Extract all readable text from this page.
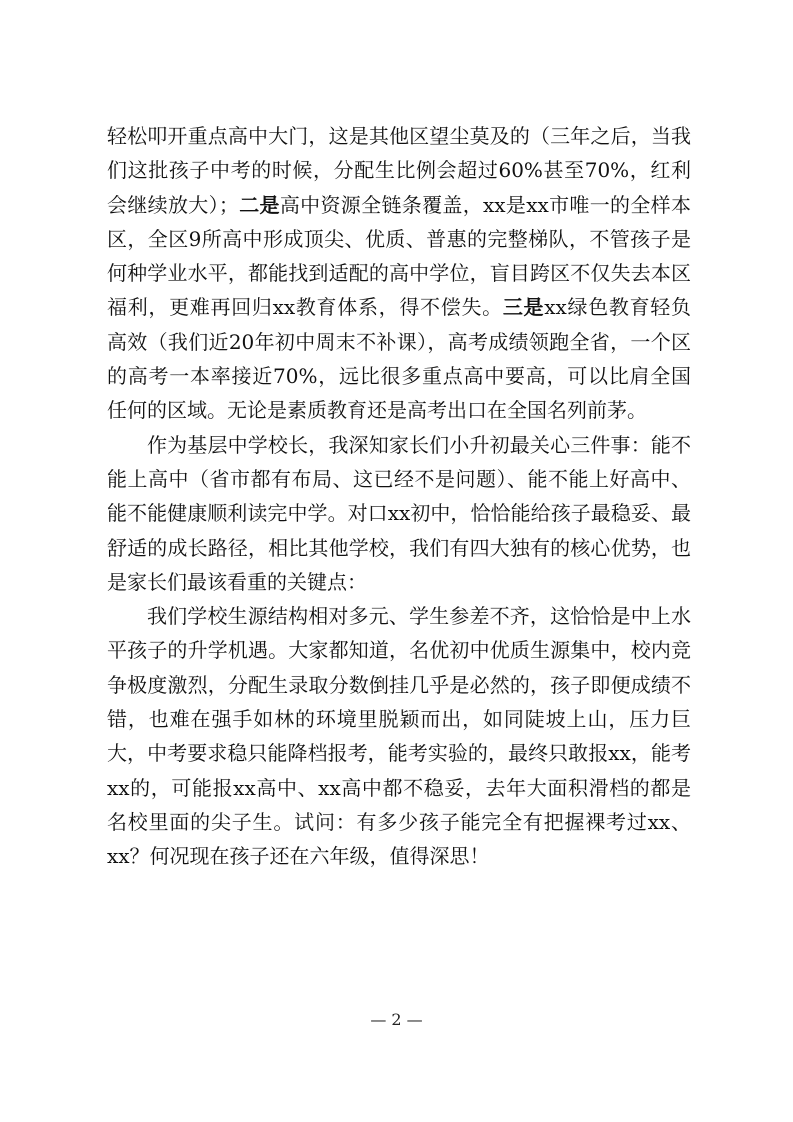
轻松叩开重点高中大门，这是其他区望尘莫及的（三年之后，当我们这批孩子中考的时候，分配生比例会超过60%甚至70%，红利会继续放大）；二是高中资源全链条覆盖，xx是xx市唯一的全样本区，全区9所高中形成顶尖、优质、普惠的完整梯队，不管孩子是何种学业水平，都能找到适配的高中学位，盲目跨区不仅失去本区福利，更难再回归xx教育体系，得不偿失。三是xx绿色教育轻负高效（我们近20年初中周末不补课），高考成绩领跑全省，一个区的高考一本率接近70%，远比很多重点高中要高，可以比肩全国任何的区域。无论是素质教育还是高考出口在全国名列前茅。

作为基层中学校长，我深知家长们小升初最关心三件事：能不能上高中（省市都有布局、这已经不是问题）、能不能上好高中、能不能健康顺利读完中学。对口xx初中，恰恰能给孩子最稳妥、最舒适的成长路径，相比其他学校，我们有四大独有的核心优势，也是家长们最该看重的关键点：

我们学校生源结构相对多元、学生参差不齐，这恰恰是中上水平孩子的升学机遇。大家都知道，名优初中优质生源集中，校内竞争极度激烈，分配生录取分数倒挂几乎是必然的，孩子即便成绩不错，也难在强手如林的环境里脱颖而出，如同陡坡上山，压力巨大，中考要求稳只能降档报考，能考实验的，最终只敢报xx，能考xx的，可能报xx高中、xx高中都不稳妥，去年大面积滑档的都是名校里面的尖子生。试问：有多少孩子能完全有把握裸考过xx、xx？何况现在孩子还在六年级，值得深思！

— 2 —
